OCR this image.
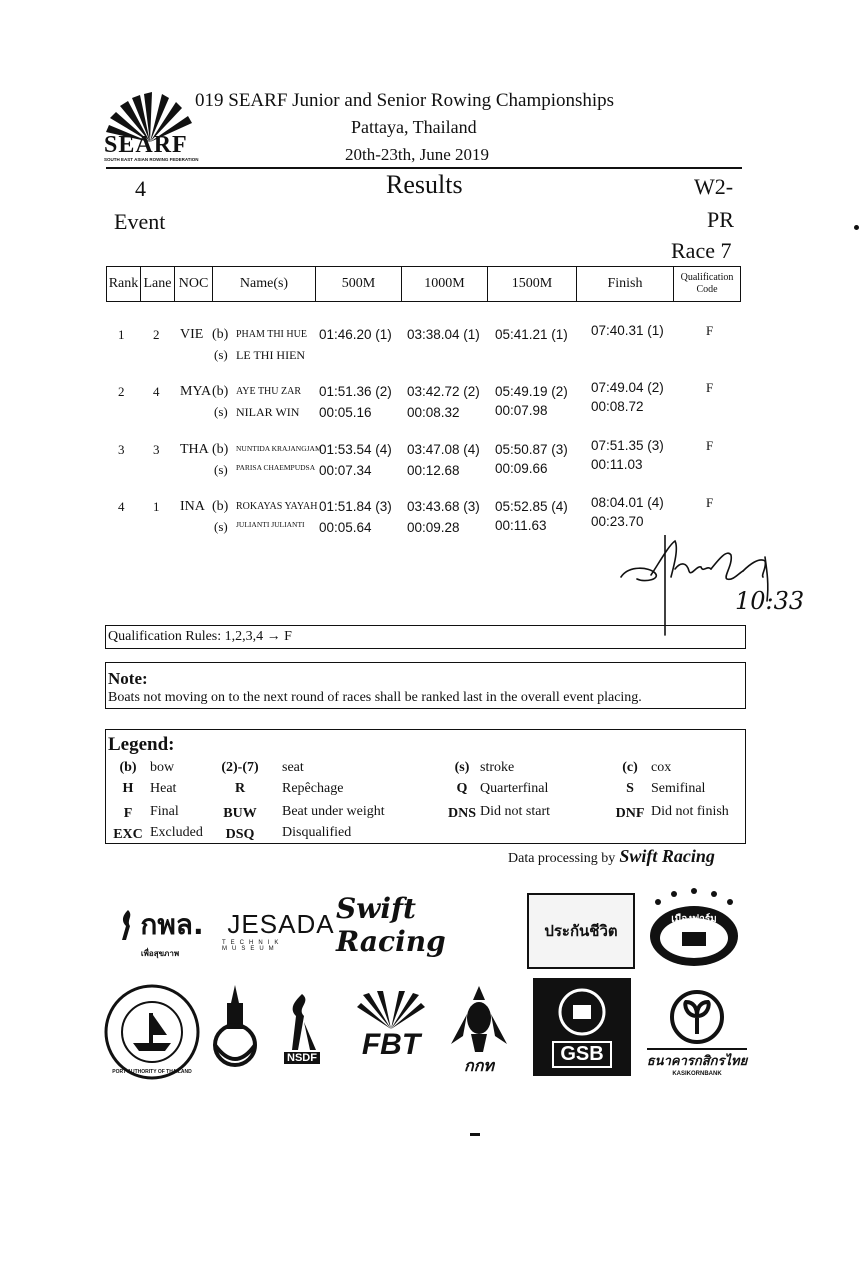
SEARF
SOUTH EAST ASIAN ROWING FEDERATION
019 SEARF Junior and Senior Rowing Championships
Pattaya, Thailand
20th-23th, June 2019
4
Event
Results	W2-
PR
Race 7
Rank Lane NOC	Name(s)	500M	1000M	1500M	Finish	Qualification Code
1 2 VIE (b) PHAM THI HUE
(s) LE THI HIEN
01:46.20 (1) 03:38.04 (1) 05:41.21 (1) 07:40.31 (1)	F
2 4 MYA (b) AYE THU ZAR
(s) NILAR WIN
01:51.36 (2) 03:42.72 (2) 05:49.19 (2) 07:49.04 (2)	F
00:05.16	00:08.32	00:07.98	00:08.72
3 3 THA (b) NUNTIDA KRAJANGJAM
(s) PARISA CHAEMPUDSA
01:53.54 (4) 03:47.08 (4) 05:50.87 (3) 07:51.35 (3)	F
00:07.34	00:12.68	00:09.66	00:11.03
4 1 INA (b) ROKAYAS YAYAH
(s) JULIANTI JULIANTI
01:51.84 (3) 03:43.68 (3) 05:52.85 (4) 08:04.01 (4)	F
00:05.64	00:09.28	00:11.63	00:23.70
10:33
Qualification Rules: 1,2,3,4 → F
Note:
Boats not moving on to the next round of races shall be ranked last in the overall event placing.
Legend:
(b) bow	(2)-(7)	seat	(s) stroke	(c) cox
H	Heat	R	Repêchage	Q Quarterfinal	S	Semifinal
F	Final	BUW	Beat under weight	DNS Did not start	DNF Did not finish
EXC Excluded	DSQ	Disqualified
Data processing by Swift Racing
กพล.
เพื่อสุขภาพ
JESADA
TECHNIK MUSEUM
Swift Racing	ประกันชีวิต
เมืองฟาร์ม
PORT AUTHORITY OF THAILAND
NSDF FBT
กกท
GSB	ธนาคารกสิกรไทย
KASIKORNBANK
